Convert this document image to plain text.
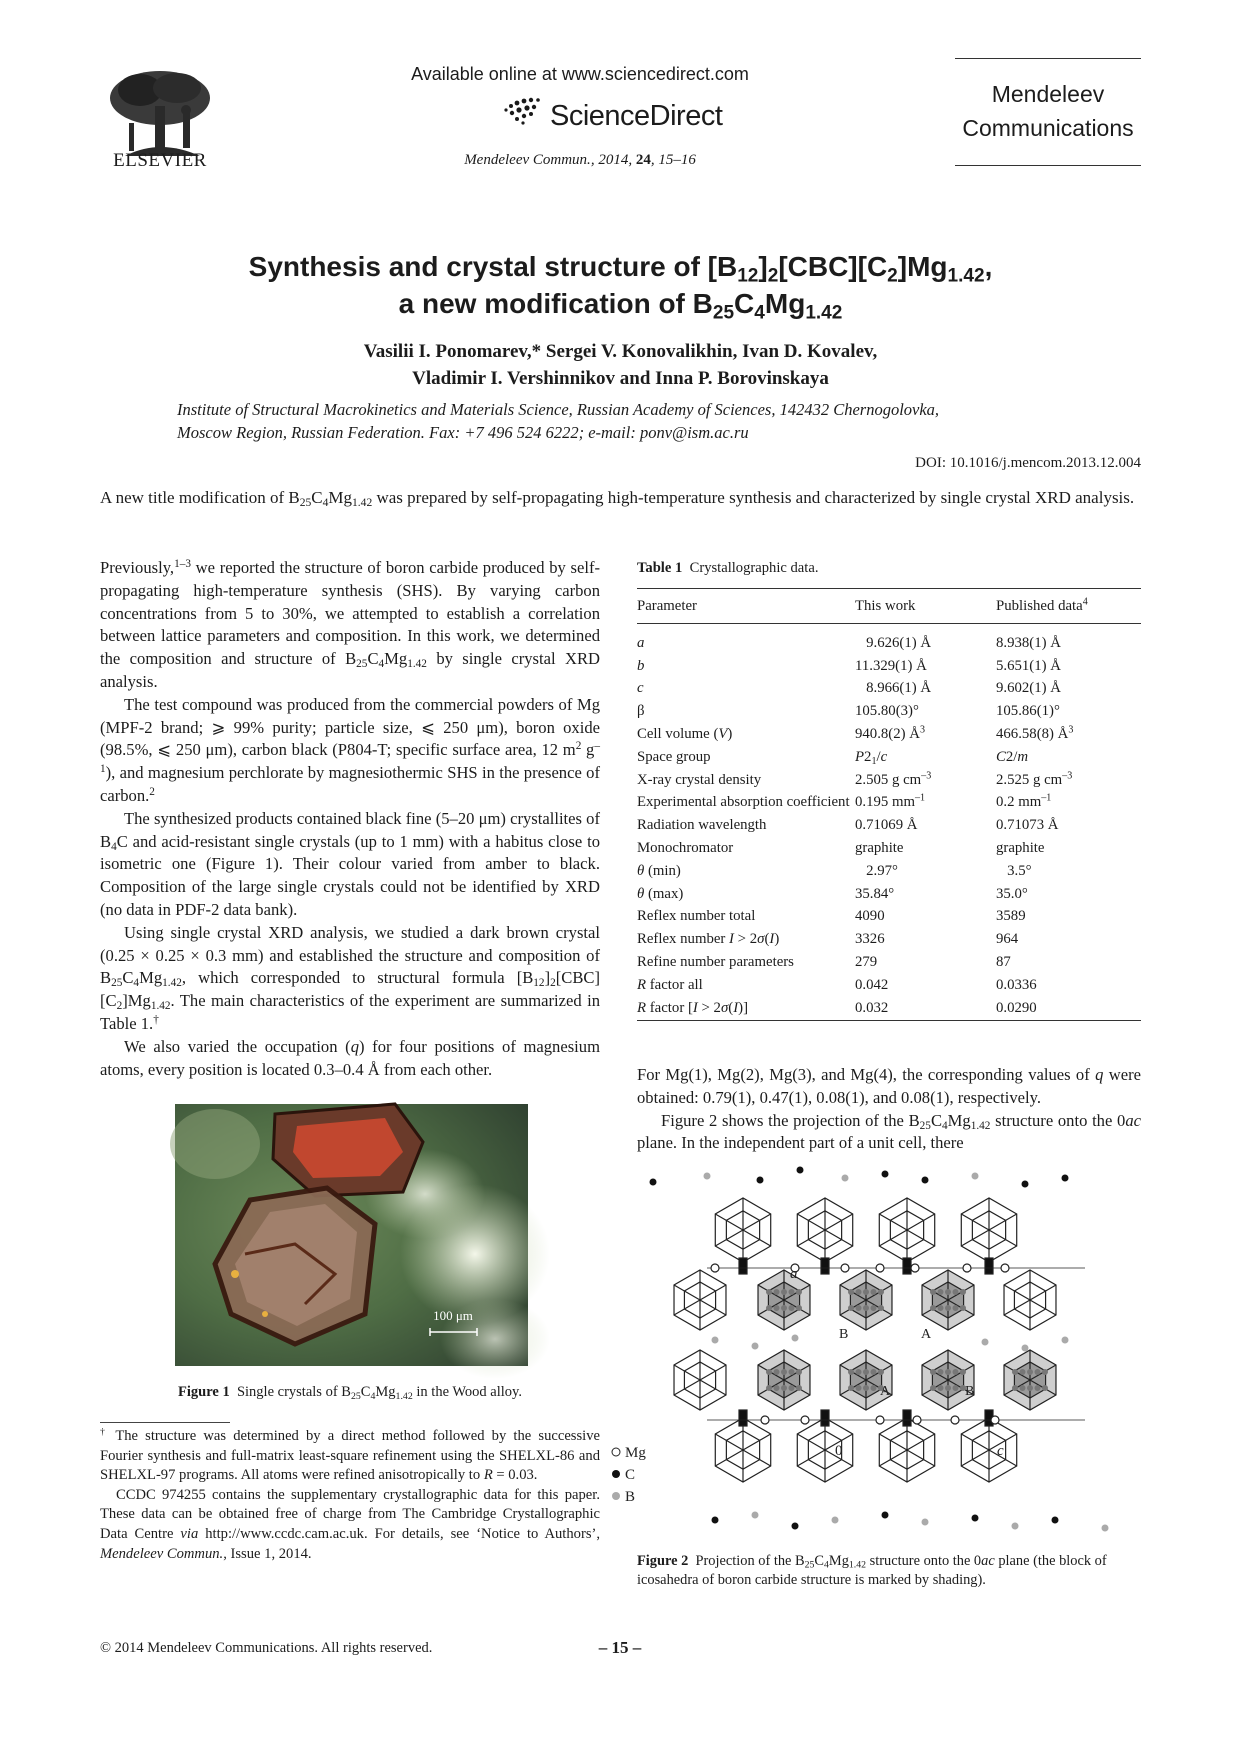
ELSEVIER
Available online at www.sciencedirect.com
ScienceDirect
Mendeleev Commun., 2014, 24, 15–16
Mendeleev
Communications
Synthesis and crystal structure of $[B_{12}]_2[CBC][C_2]Mg_{1.42}$,
a new modification of $B_{25}C_4Mg_{1.42}$
Vasilii I. Ponomarev,* Sergei V. Konovalikhin, Ivan D. Kovalev,
Vladimir I. Vershinnikov and Inna P. Borovinskaya
Institute of Structural Macrokinetics and Materials Science, Russian Academy of Sciences, 142432 Chernogolovka,
Moscow Region, Russian Federation. Fax: +7 496 524 6222; e-mail: ponv@ism.ac.ru
DOI: 10.1016/j.mencom.2013.12.004
A new title modification of $B_{25}C_4Mg_{1.42}$ was prepared by self-propagating high-temperature synthesis and characterized by single crystal XRD analysis.

Previously,$^{1-3}$ we reported the structure of boron carbide produced by self-propagating high-temperature synthesis (SHS). By varying carbon concentrations from 5 to 30%, we attempted to establish a correlation between lattice parameters and composition. In this work, we determined the composition and structure of $B_{25}C_4Mg_{1.42}$ by single crystal XRD analysis.

The test compound was produced from the commercial powders of Mg (MPF-2 brand; ⩾ 99% purity; particle size, ⩽ 250 μm), boron oxide (98.5%, ⩽ 250 μm), carbon black (P804-T; specific surface area, 12 $m^2$ $g^{-1}$), and magnesium perchlorate by magnesiothermic SHS in the presence of carbon.$^2$

The synthesized products contained black fine (5–20 μm) crystallites of $B_4C$ and acid-resistant single crystals (up to 1 mm) with a habitus close to isometric one (Figure 1). Their colour varied from amber to black. Composition of the large single crystals could not be identified by XRD (no data in PDF-2 data bank).

Using single crystal XRD analysis, we studied a dark brown crystal (0.25 × 0.25 × 0.3 mm) and established the structure and composition of $B_{25}C_4Mg_{1.42}$, which corresponded to structural formula $[B_{12}]_2[CBC][C_2]Mg_{1.42}$. The main characteristics of the experiment are summarized in Table 1.†

We also varied the occupation (q) for four positions of magnesium atoms, every position is located 0.3–0.4 Å from each other.

100 μm
Figure 1 Single crystals of $B_{25}C_4Mg_{1.42}$ in the Wood alloy.

† The structure was determined by a direct method followed by the successive Fourier synthesis and full-matrix least-square refinement using the SHELXL-86 and SHELXL-97 programs. All atoms were refined anisotropically to R = 0.03.

CCDC 974255 contains the supplementary crystallographic data for this paper. These data can be obtained free of charge from The Cambridge Crystallographic Data Centre via http://www.ccdc.cam.ac.uk. For details, see ‘Notice to Authors’, Mendeleev Commun., Issue 1, 2014.

Table 1 Crystallographic data.
Parameter	This work	Published data$^4$
a	9.626(1) Å	8.938(1) Å
b	11.329(1) Å	5.651(1) Å
c	8.966(1) Å	9.602(1) Å
β	105.80(3)°	105.86(1)°
Cell volume (V)	940.8(2) $Å^3$	466.58(8) $Å^3$
Space group	$P2_1/c$	C2/m
X-ray crystal density	2.505 g $cm^{-3}$	2.525 g $cm^{-3}$
Experimental absorption coefficient	0.195 $mm^{-1}$	0.2 $mm^{-1}$
Radiation wavelength	0.71069 Å	0.71073 Å
Monochromator	graphite	graphite
θ (min)	2.97°	3.5°
θ (max)	35.84°	35.0°
Reflex number total	4090	3589
Reflex number I > 2σ(I)	3326	964
Refine number parameters	279	87
R factor all	0.042	0.0336
R factor [I > 2σ(I)]	0.032	0.0290

For Mg(1), Mg(2), Mg(3), and Mg(4), the corresponding values of q were obtained: 0.79(1), 0.47(1), 0.08(1), and 0.08(1), respectively.

Figure 2 shows the projection of the $B_{25}C_4Mg_{1.42}$ structure onto the 0ac plane. In the independent part of a unit cell, there

a
c
0
B	A
A	B
Mg
C
B
Figure 2 Projection of the $B_{25}C_4Mg_{1.42}$ structure onto the 0ac plane (the block of icosahedra of boron carbide structure is marked by shading).
© 2014 Mendeleev Communications. All rights reserved.	– 15 –
